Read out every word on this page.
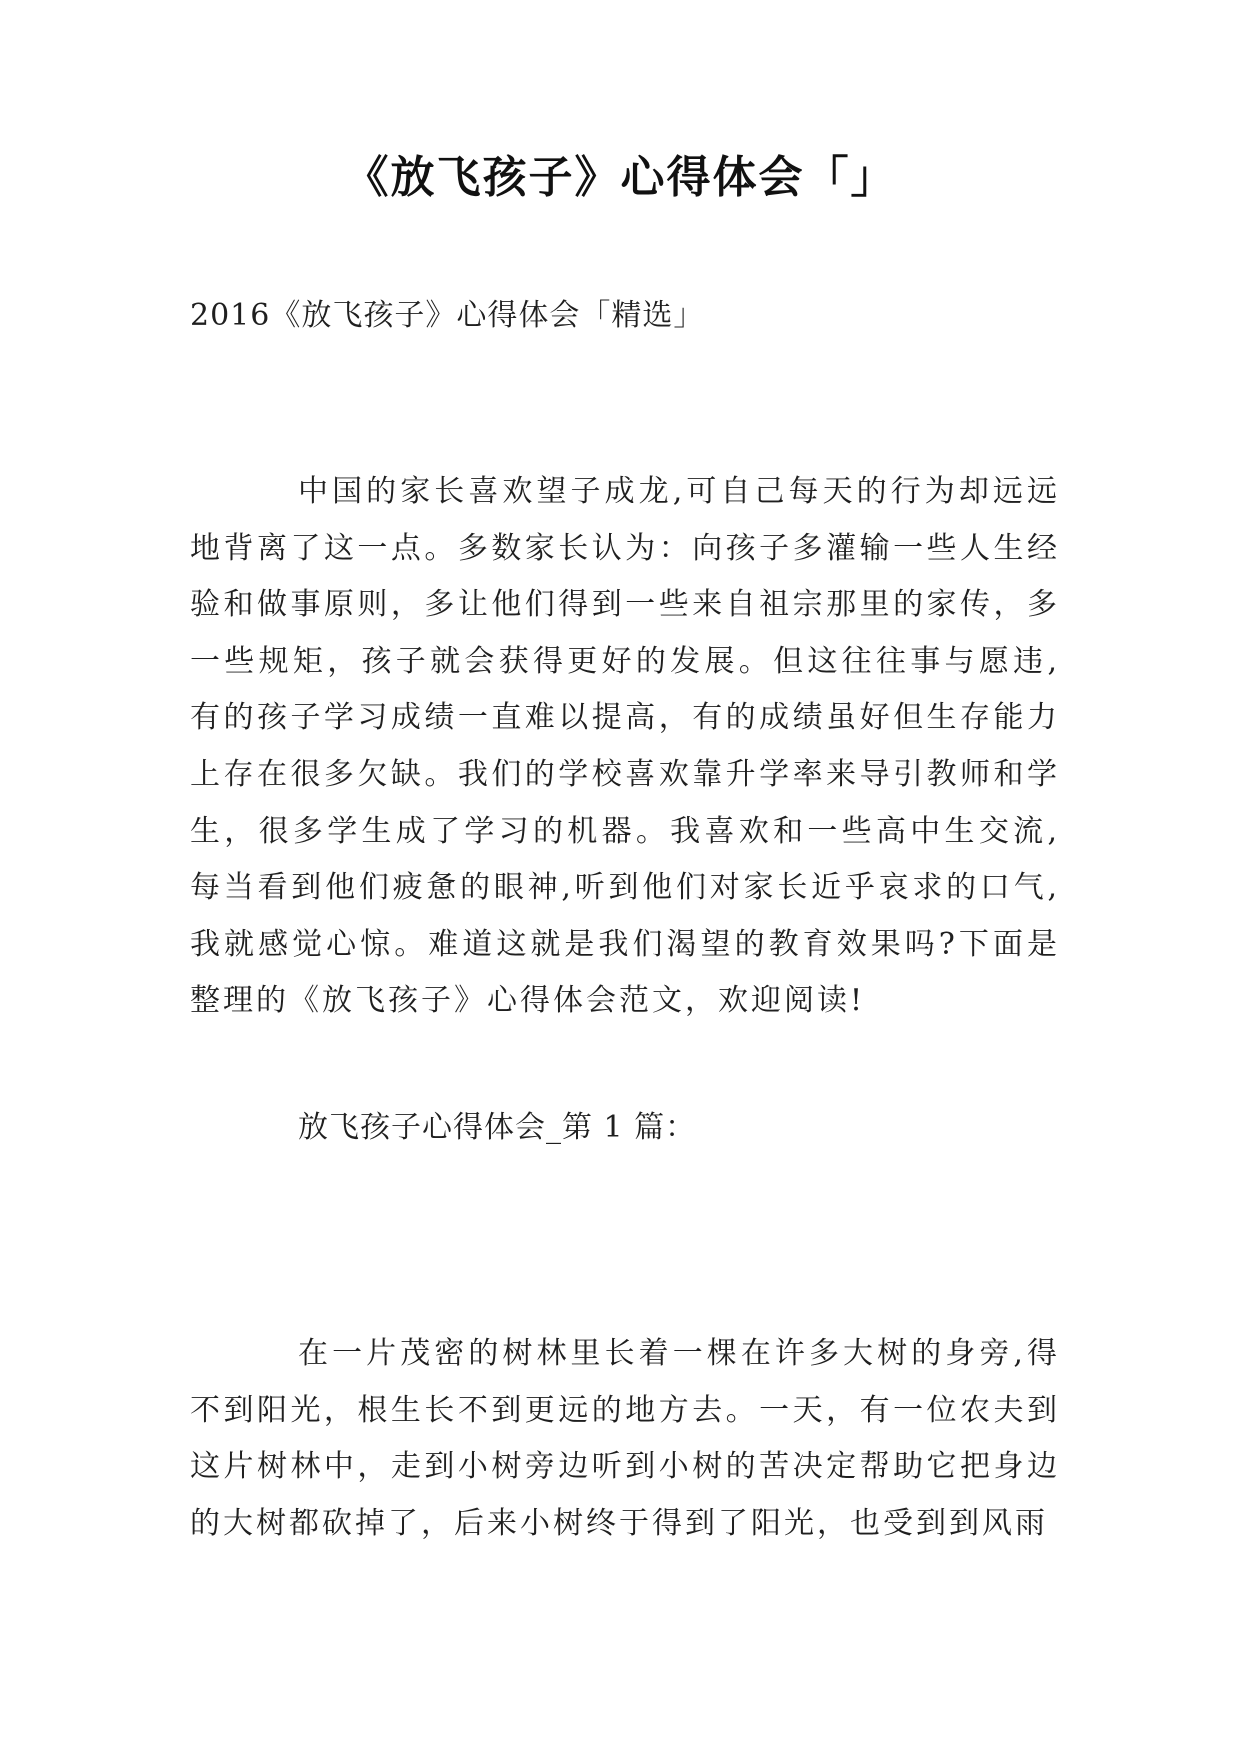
《放飞孩子》心得体会「」
2016《放飞孩子》心得体会「精选」

中国的家长喜欢望子成龙,可自己每天的行为却远远地背离了这一点。多数家长认为：向孩子多灌输一些人生经验和做事原则，多让他们得到一些来自祖宗那里的家传，多一些规矩，孩子就会获得更好的发展。但这往往事与愿违,有的孩子学习成绩一直难以提高，有的成绩虽好但生存能力上存在很多欠缺。我们的学校喜欢靠升学率来导引教师和学生，很多学生成了学习的机器。我喜欢和一些高中生交流,每当看到他们疲惫的眼神,听到他们对家长近乎哀求的口气,我就感觉心惊。难道这就是我们渴望的教育效果吗?下面是整理的《放飞孩子》心得体会范文，欢迎阅读!

放飞孩子心得体会_第 1 篇：

在一片茂密的树林里长着一棵在许多大树的身旁,得不到阳光，根生长不到更远的地方去。一天，有一位农夫到这片树林中，走到小树旁边听到小树的苦决定帮助它把身边的大树都砍掉了，后来小树终于得到了阳光，也受到到风雨
